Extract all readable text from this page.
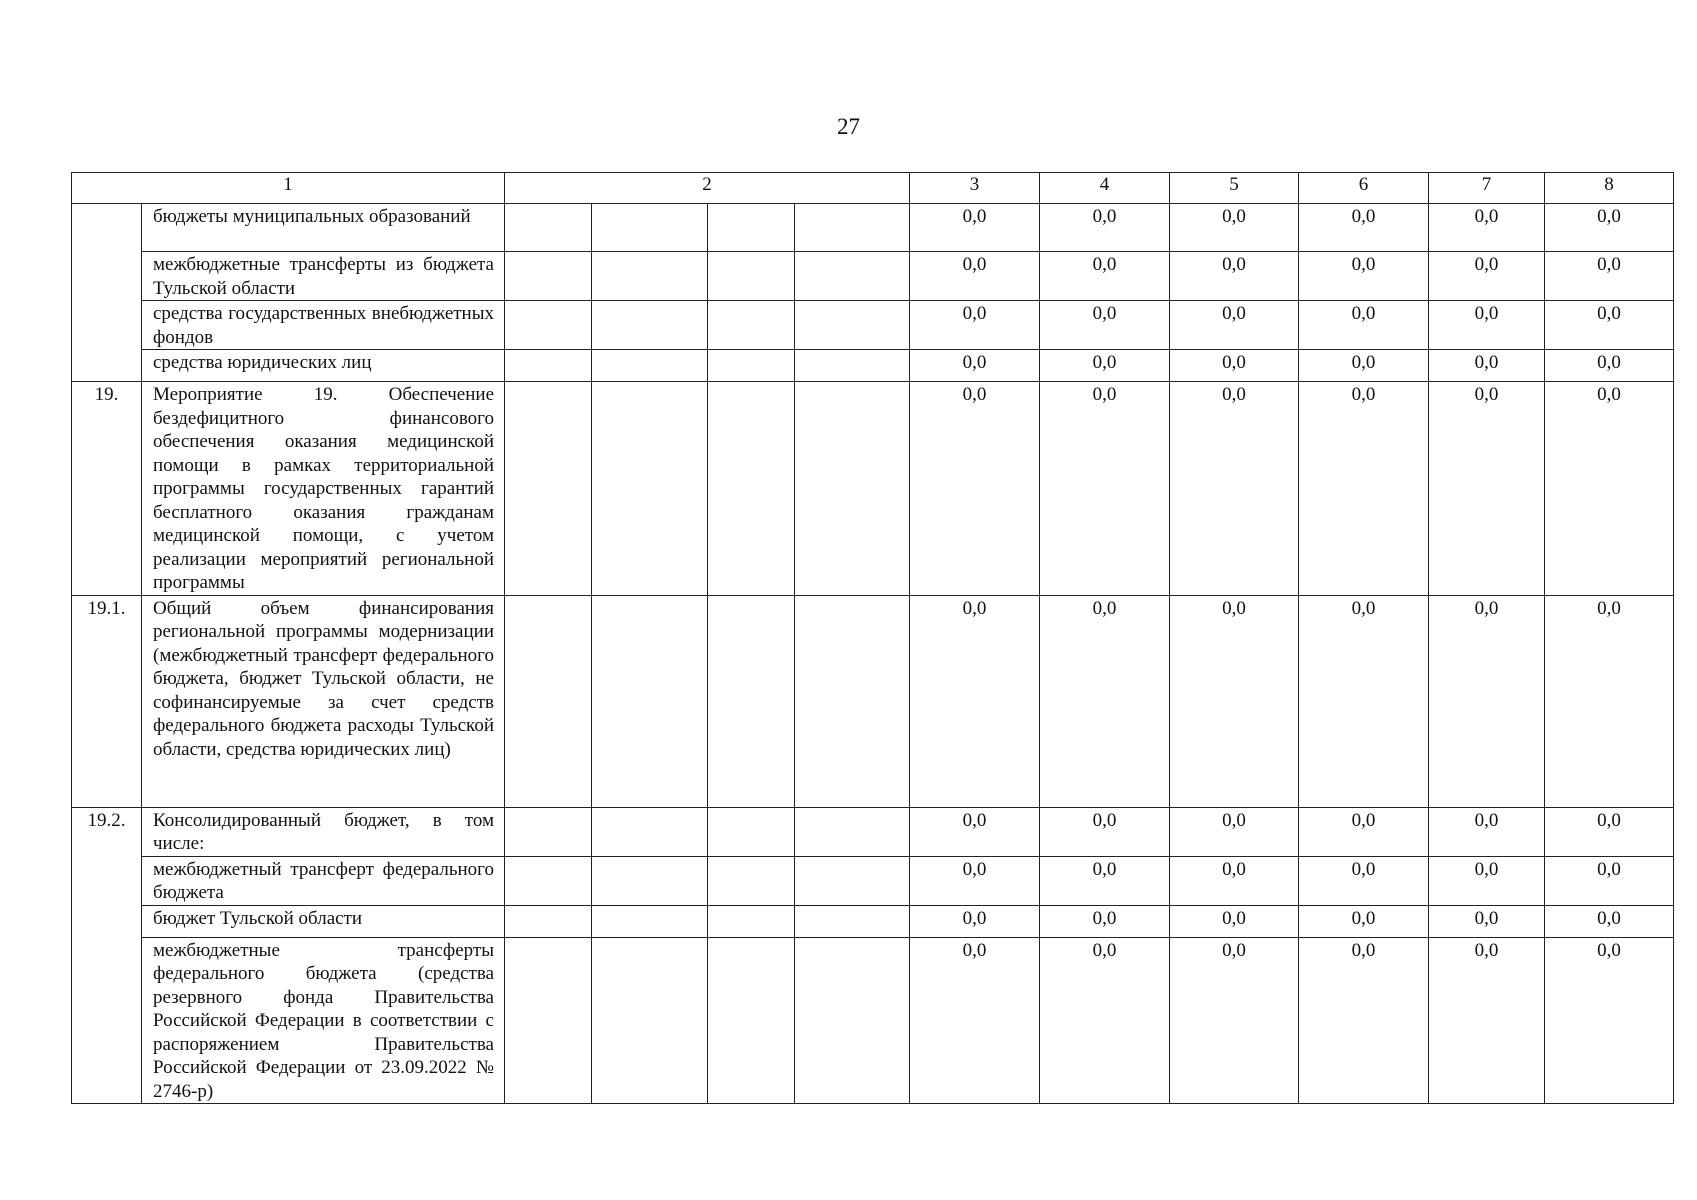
27
1		2				3	4	5	6	7	8
	бюджеты муниципальных образований					0,0	0,0	0,0	0,0	0,0	0,0
	межбюджетные трансферты из бюджета Тульской области					0,0	0,0	0,0	0,0	0,0	0,0
	средства государственных внебюджетных фондов					0,0	0,0	0,0	0,0	0,0	0,0
	средства юридических лиц					0,0	0,0	0,0	0,0	0,0	0,0
19.	Мероприятие 19. Обеспечение бездефицитного финансового обеспечения оказания медицинской помощи в рамках территориальной программы государственных гарантий бесплатного оказания гражданам медицинской помощи, с учетом реализации мероприятий региональной программы					0,0	0,0	0,0	0,0	0,0	0,0
19.1.	Общий объем финансирования региональной программы модернизации (межбюджетный трансферт федерального бюджета, бюджет Тульской области, не софинансируемые за счет средств федерального бюджета расходы Тульской области, средства юридических лиц)					0,0	0,0	0,0	0,0	0,0	0,0
19.2.	Консолидированный бюджет, в том числе:					0,0	0,0	0,0	0,0	0,0	0,0
	межбюджетный трансферт федерального бюджета					0,0	0,0	0,0	0,0	0,0	0,0
	бюджет Тульской области					0,0	0,0	0,0	0,0	0,0	0,0
	межбюджетные трансферты федерального бюджета (средства резервного фонда Правительства Российской Федерации в соответствии с распоряжением Правительства Российской Федерации от 23.09.2022 № 2746-р)					0,0	0,0	0,0	0,0	0,0	0,0
